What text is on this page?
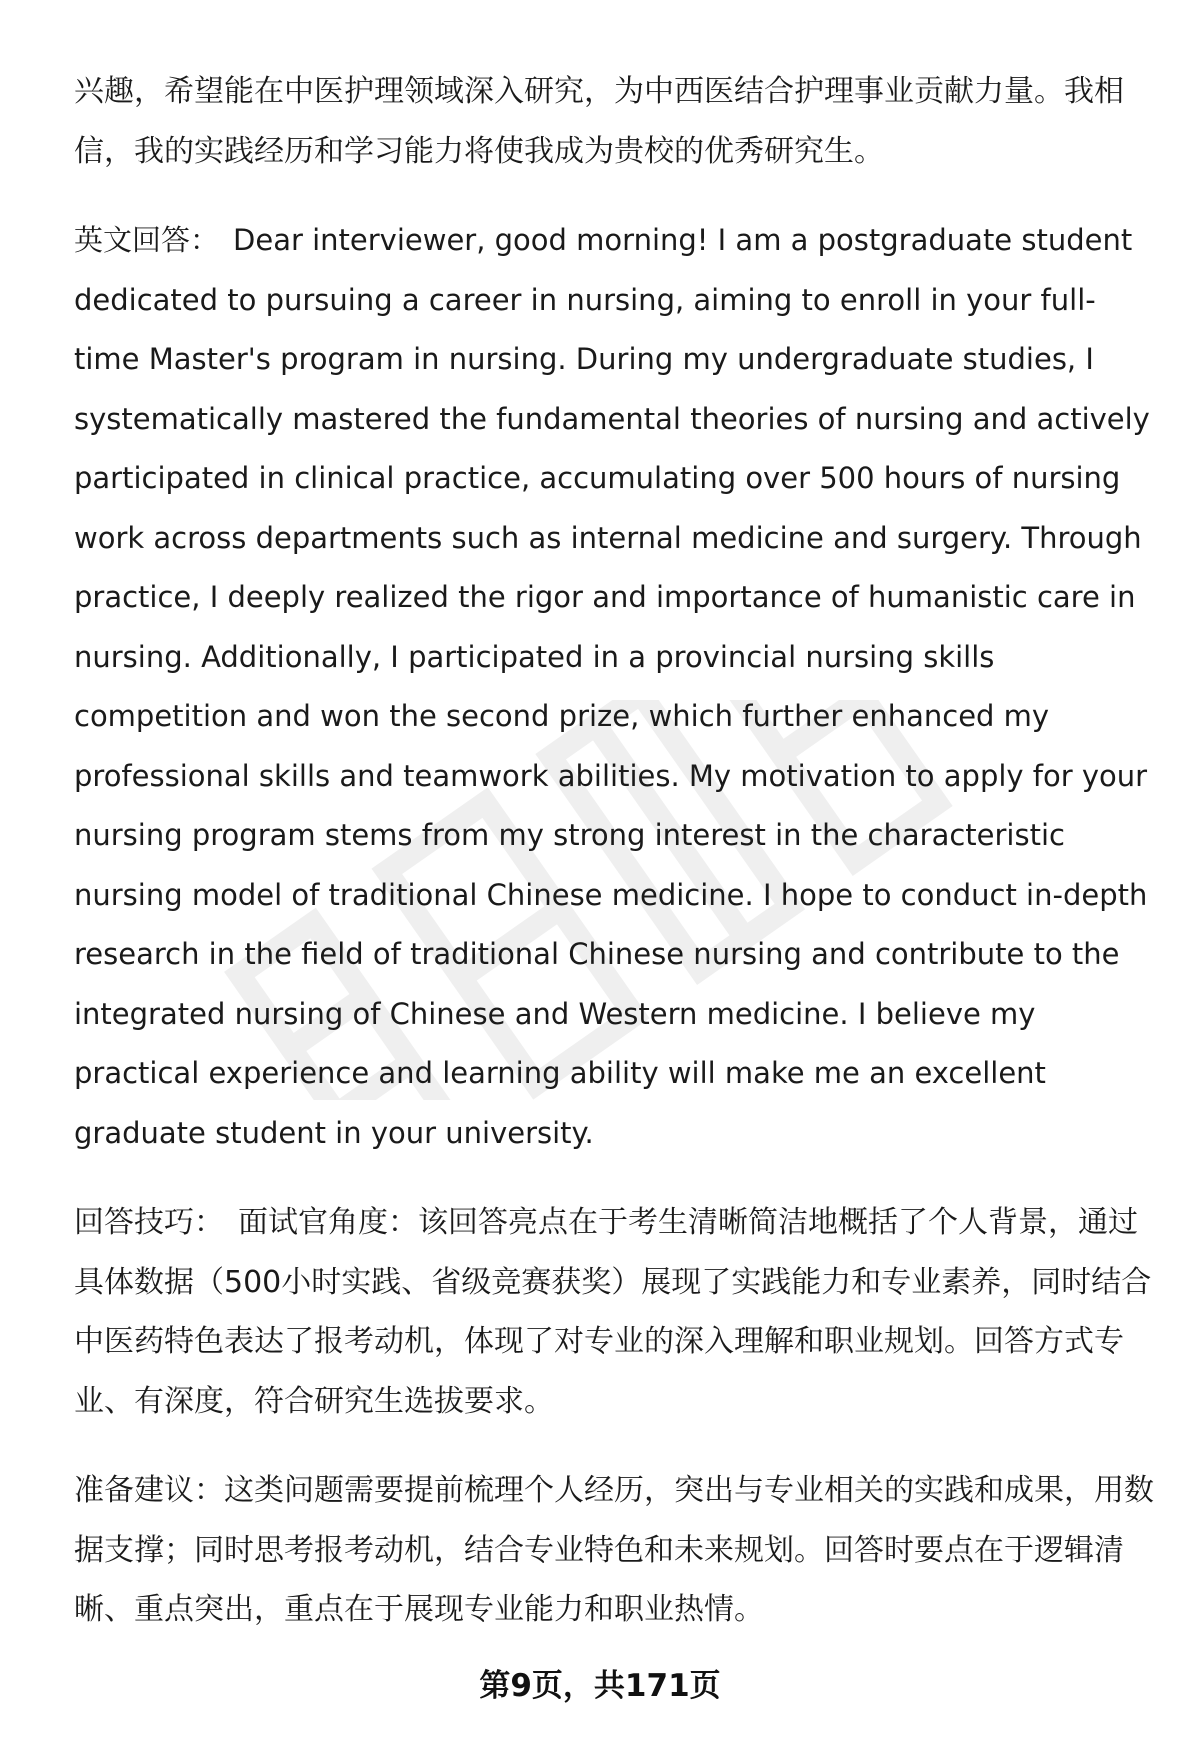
兴趣，希望能在中医护理领域深入研究，为中西医结合护理事业贡献力量。我相信，我的实践经历和学习能力将使我成为贵校的优秀研究生。

英文回答： Dear interviewer, good morning! I am a postgraduate student dedicated to pursuing a career in nursing, aiming to enroll in your full-time Master's program in nursing. During my undergraduate studies, I systematically mastered the fundamental theories of nursing and actively participated in clinical practice, accumulating over 500 hours of nursing work across departments such as internal medicine and surgery. Through practice, I deeply realized the rigor and importance of humanistic care in nursing. Additionally, I participated in a provincial nursing skills competition and won the second prize, which further enhanced my professional skills and teamwork abilities. My motivation to apply for your nursing program stems from my strong interest in the characteristic nursing model of traditional Chinese medicine. I hope to conduct in-depth research in the field of traditional Chinese nursing and contribute to the integrated nursing of Chinese and Western medicine. I believe my practical experience and learning ability will make me an excellent graduate student in your university.

回答技巧： 面试官角度：该回答亮点在于考生清晰简洁地概括了个人背景，通过具体数据（500小时实践、省级竞赛获奖）展现了实践能力和专业素养，同时结合中医药特色表达了报考动机，体现了对专业的深入理解和职业规划。回答方式专业、有深度，符合研究生选拔要求。

准备建议：这类问题需要提前梳理个人经历，突出与专业相关的实践和成果，用数据支撑；同时思考报考动机，结合专业特色和未来规划。回答时要点在于逻辑清晰、重点突出，重点在于展现专业能力和职业热情。

第9页，共171页
